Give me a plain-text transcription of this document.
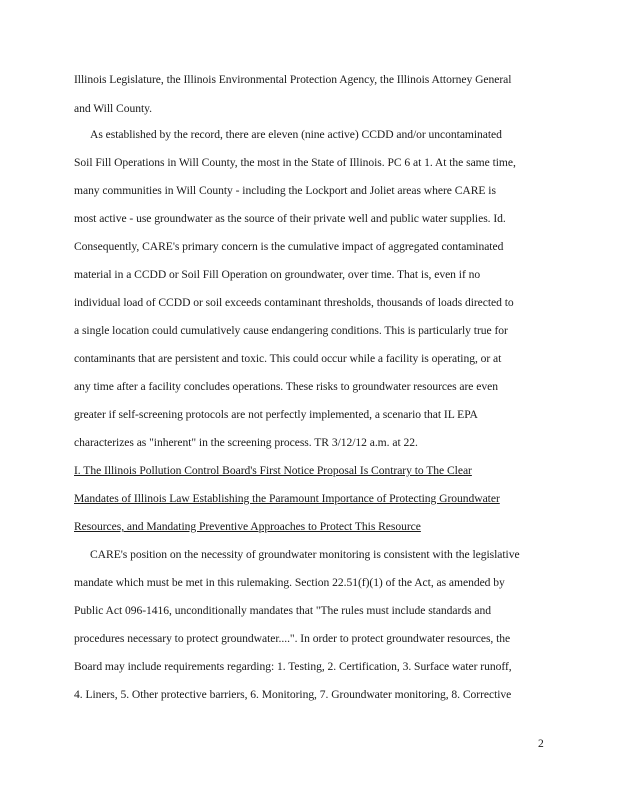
Illinois Legislature, the Illinois Environmental Protection Agency, the Illinois Attorney General
and Will County.
As established by the record, there are eleven (nine active) CCDD and/or uncontaminated
Soil Fill Operations in Will County, the most in the State of Illinois. PC 6 at 1. At the same time,
many communities in Will County - including the Lockport and Joliet areas where CARE is
most active - use groundwater as the source of their private well and public water supplies. Id.
Consequently, CARE's primary concern is the cumulative impact of aggregated contaminated
material in a CCDD or Soil Fill Operation on groundwater, over time. That is, even if no
individual load of CCDD or soil exceeds contaminant thresholds, thousands of loads directed to
a single location could cumulatively cause endangering conditions. This is particularly true for
contaminants that are persistent and toxic. This could occur while a facility is operating, or at
any time after a facility concludes operations. These risks to groundwater resources are even
greater if self-screening protocols are not perfectly implemented, a scenario that IL EPA
characterizes as "inherent" in the screening process. TR 3/12/12 a.m. at 22.
I. The Illinois Pollution Control Board's First Notice Proposal Is Contrary to The Clear
Mandates of Illinois Law Establishing the Paramount Importance of Protecting Groundwater
Resources, and Mandating Preventive Approaches to Protect This Resource
CARE's position on the necessity of groundwater monitoring is consistent with the legislative
mandate which must be met in this rulemaking. Section 22.51(f)(1) of the Act, as amended by
Public Act 096-1416, unconditionally mandates that "The rules must include standards and
procedures necessary to protect groundwater....". In order to protect groundwater resources, the
Board may include requirements regarding: 1. Testing, 2. Certification, 3. Surface water runoff,
4. Liners, 5. Other protective barriers, 6. Monitoring, 7. Groundwater monitoring, 8. Corrective
2
